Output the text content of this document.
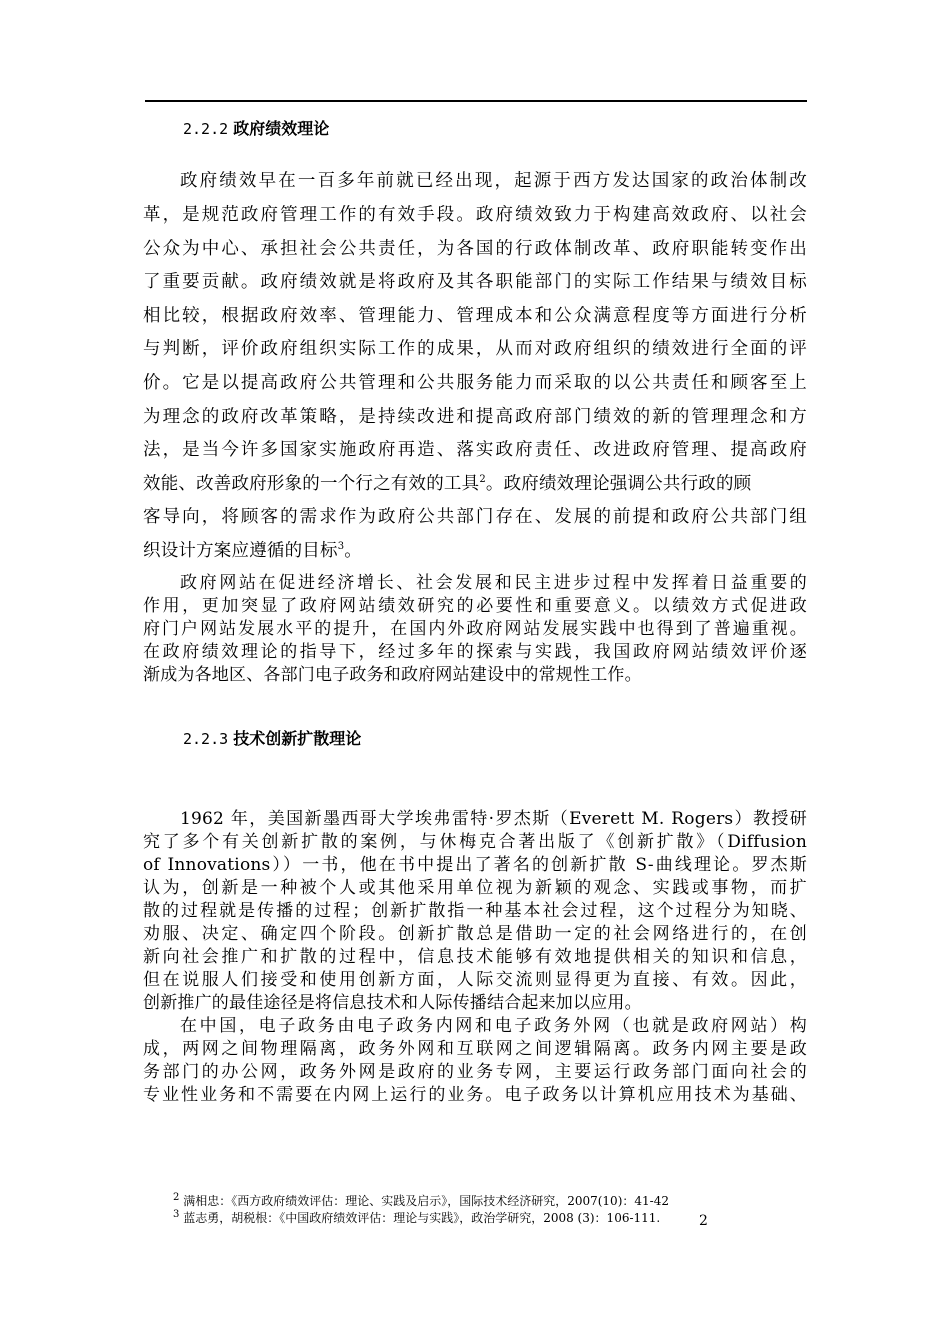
2.2.2 政府绩效理论
政府绩效早在一百多年前就已经出现，起源于西方发达国家的政治体制改
革，是规范政府管理工作的有效手段。政府绩效致力于构建高效政府、以社会
公众为中心、承担社会公共责任，为各国的行政体制改革、政府职能转变作出
了重要贡献。政府绩效就是将政府及其各职能部门的实际工作结果与绩效目标
相比较，根据政府效率、管理能力、管理成本和公众满意程度等方面进行分析
与判断，评价政府组织实际工作的成果，从而对政府组织的绩效进行全面的评
价。它是以提高政府公共管理和公共服务能力而采取的以公共责任和顾客至上
为理念的政府改革策略，是持续改进和提高政府部门绩效的新的管理理念和方
法，是当今许多国家实施政府再造、落实政府责任、改进政府管理、提高政府
效能、改善政府形象的一个行之有效的工具$^2$。政府绩效理论强调公共行政的顾
客导向，将顾客的需求作为政府公共部门存在、发展的前提和政府公共部门组
织设计方案应遵循的目标$^3$。
政府网站在促进经济增长、社会发展和民主进步过程中发挥着日益重要的
作用，更加突显了政府网站绩效研究的必要性和重要意义。以绩效方式促进政
府门户网站发展水平的提升，在国内外政府网站发展实践中也得到了普遍重视。
在政府绩效理论的指导下，经过多年的探索与实践，我国政府网站绩效评价逐
渐成为各地区、各部门电子政务和政府网站建设中的常规性工作。
2.2.3 技术创新扩散理论
1962 年，美国新墨西哥大学埃弗雷特·罗杰斯（Everett M. Rogers）教授研
究了多个有关创新扩散的案例，与休梅克合著出版了《创新扩散》（Diffusion
of Innovations））一书，他在书中提出了著名的创新扩散 S-曲线理论。罗杰斯
认为，创新是一种被个人或其他采用单位视为新颖的观念、实践或事物，而扩
散的过程就是传播的过程；创新扩散指一种基本社会过程，这个过程分为知晓、
劝服、决定、确定四个阶段。创新扩散总是借助一定的社会网络进行的，在创
新向社会推广和扩散的过程中，信息技术能够有效地提供相关的知识和信息，
但在说服人们接受和使用创新方面，人际交流则显得更为直接、有效。因此，
创新推广的最佳途径是将信息技术和人际传播结合起来加以应用。
在中国，电子政务由电子政务内网和电子政务外网（也就是政府网站）构
成，两网之间物理隔离，政务外网和互联网之间逻辑隔离。政务内网主要是政
务部门的办公网，政务外网是政府的业务专网，主要运行政务部门面向社会的
专业性业务和不需要在内网上运行的业务。电子政务以计算机应用技术为基础、
$^2$ 满相忠：《西方政府绩效评估：理论、实践及启示》，国际技术经济研究，2007(10)：41-42
$^3$ 蓝志勇，胡税根：《中国政府绩效评估：理论与实践》，政治学研究，2008 (3)：106-111.	2
